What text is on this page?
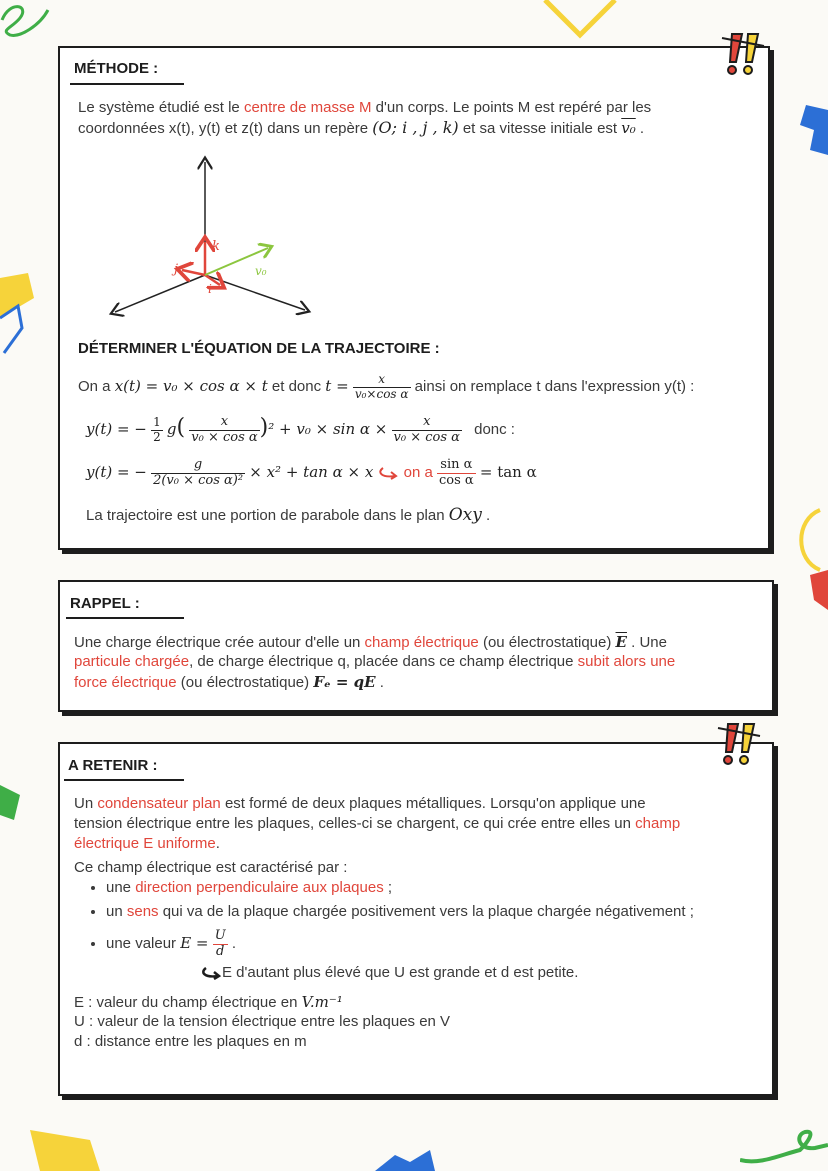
MÉTHODE :
Le système étudié est le centre de masse M d'un corps. Le points M est repéré par les
coordonnées x(t), y(t) et z(t) dans un repère (O; i , j , k) et sa vitesse initiale est v₀ .
k
j
i
v₀
DÉTERMINER L'ÉQUATION DE LA TRAJECTOIRE :
On a x(t) = v₀ × cos α × t et donc $t = \frac{x}{\text{v₀×cos α}}$ ainsi on remplace t dans l'expression y(t) :
y(t) = − $\frac{1}{2} g( \frac{x}{\text{v₀ × cos α}} )^2 + v_0 \times \sin \alpha \times \frac{x}{\text{v₀ × cos α}}$ donc :
y(t) = − $\frac{g}{\text{2(v₀ × cos α)²}} \times x^2 + \tan \alpha \times x$ on a $\frac{\text{sin α}}{\text{cos α}} = \tan \alpha$
La trajectoire est une portion de parabole dans le plan Oxy .
RAPPEL :
Une charge électrique crée autour d'elle un champ électrique (ou électrostatique) $\overline{E}$ . Une
particule chargée, de charge électrique q, placée dans ce champ électrique subit alors une
force électrique (ou électrostatique) Fₑ = qE .
A RETENIR :
Un condensateur plan est formé de deux plaques métalliques. Lorsqu'on applique une
tension électrique entre les plaques, celles-ci se chargent, ce qui crée entre elles un champ
électrique E uniforme.
Ce champ électrique est caractérisé par :
• une direction perpendiculaire aux plaques ;
• un sens qui va de la plaque chargée positivement vers la plaque chargée négativement ;
• une valeur $E = \frac{U}{d}$ .
E d'autant plus élevé que U est grande et d est petite.
E : valeur du champ électrique en V.m⁻¹
U : valeur de la tension électrique entre les plaques en V
d : distance entre les plaques en m
